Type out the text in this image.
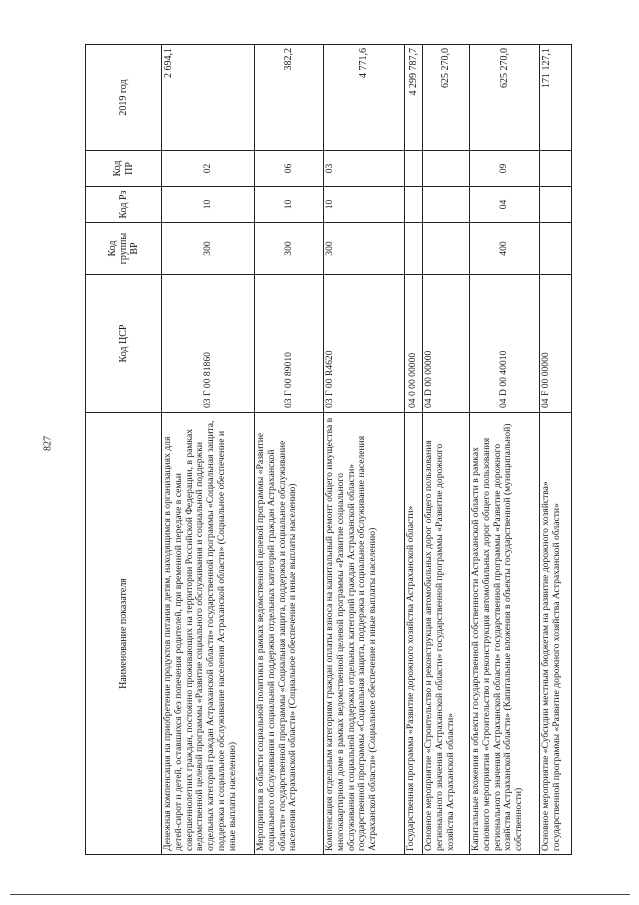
827
Наименование показателя	Код ЦСР	Код группы ВР	Код Рз	Код ПР	2019 год
Денежная компенсация на приобретение продуктов питания детям, находящимся в организациях для детей-сирот и детей, оставшихся без попечения родителей, при временной передаче в семьи совершеннолетних граждан, постоянно проживающих на территории Российской Федерации, в рамках ведомственной целевой программы «Развитие социального обслуживания и социальной поддержки отдельных категорий граждан Астраханской области» государственной программы «Социальная защита, поддержка и социальное обслуживание населения Астраханской области» (Социальное обеспечение и иные выплаты населению)	03 Г 00 81860	300	10	02	2 694,1
Мероприятия в области социальной политики в рамках ведомственной целевой программы «Развитие социального обслуживания и социальной поддержки отдельных категорий граждан Астраханской области» государственной программы «Социальная защита, поддержка и социальное обслуживание населения Астраханской области» (Социальное обеспечение и иные выплаты населению)	03 Г 00 89010	300	10	06	382,2
Компенсация отдельным категориям граждан оплаты взноса на капитальный ремонт общего имущества в многоквартирном доме в рамках ведомственной целевой программы «Развитие социального обслуживания и социальной поддержки отдельных категорий граждан Астраханской области» государственной программы «Социальная защита, поддержка и социальное обслуживание населения Астраханской области» (Социальное обеспечение и иные выплаты населению)	03 Г 00 R4620	300	10	03	4 771,6
Государственная программа «Развитие дорожного хозяйства Астраханской области»	04 0 00 00000				4 299 787,7
Основное мероприятие «Строительство и реконструкция автомобильных дорог общего пользования регионального значения Астраханской области» государственной программы «Развитие дорожного хозяйства Астраханской области»	04 D 00 00000				625 270,0
Капитальные вложения в объекты государственной собственности Астраханской области в рамках основного мероприятия «Строительство и реконструкция автомобильных дорог общего пользования регионального значения Астраханской области» государственной программы «Развитие дорожного хозяйства Астраханской области» (Капитальные вложения в объекты государственной (муниципальной) собственности)	04 D 00 40010	400	04	09	625 270,0
Основное мероприятие «Субсидии местным бюджетам на развитие дорожного хозяйства» государственной программы «Развитие дорожного хозяйства Астраханской области»	04 F 00 00000				171 127,1
